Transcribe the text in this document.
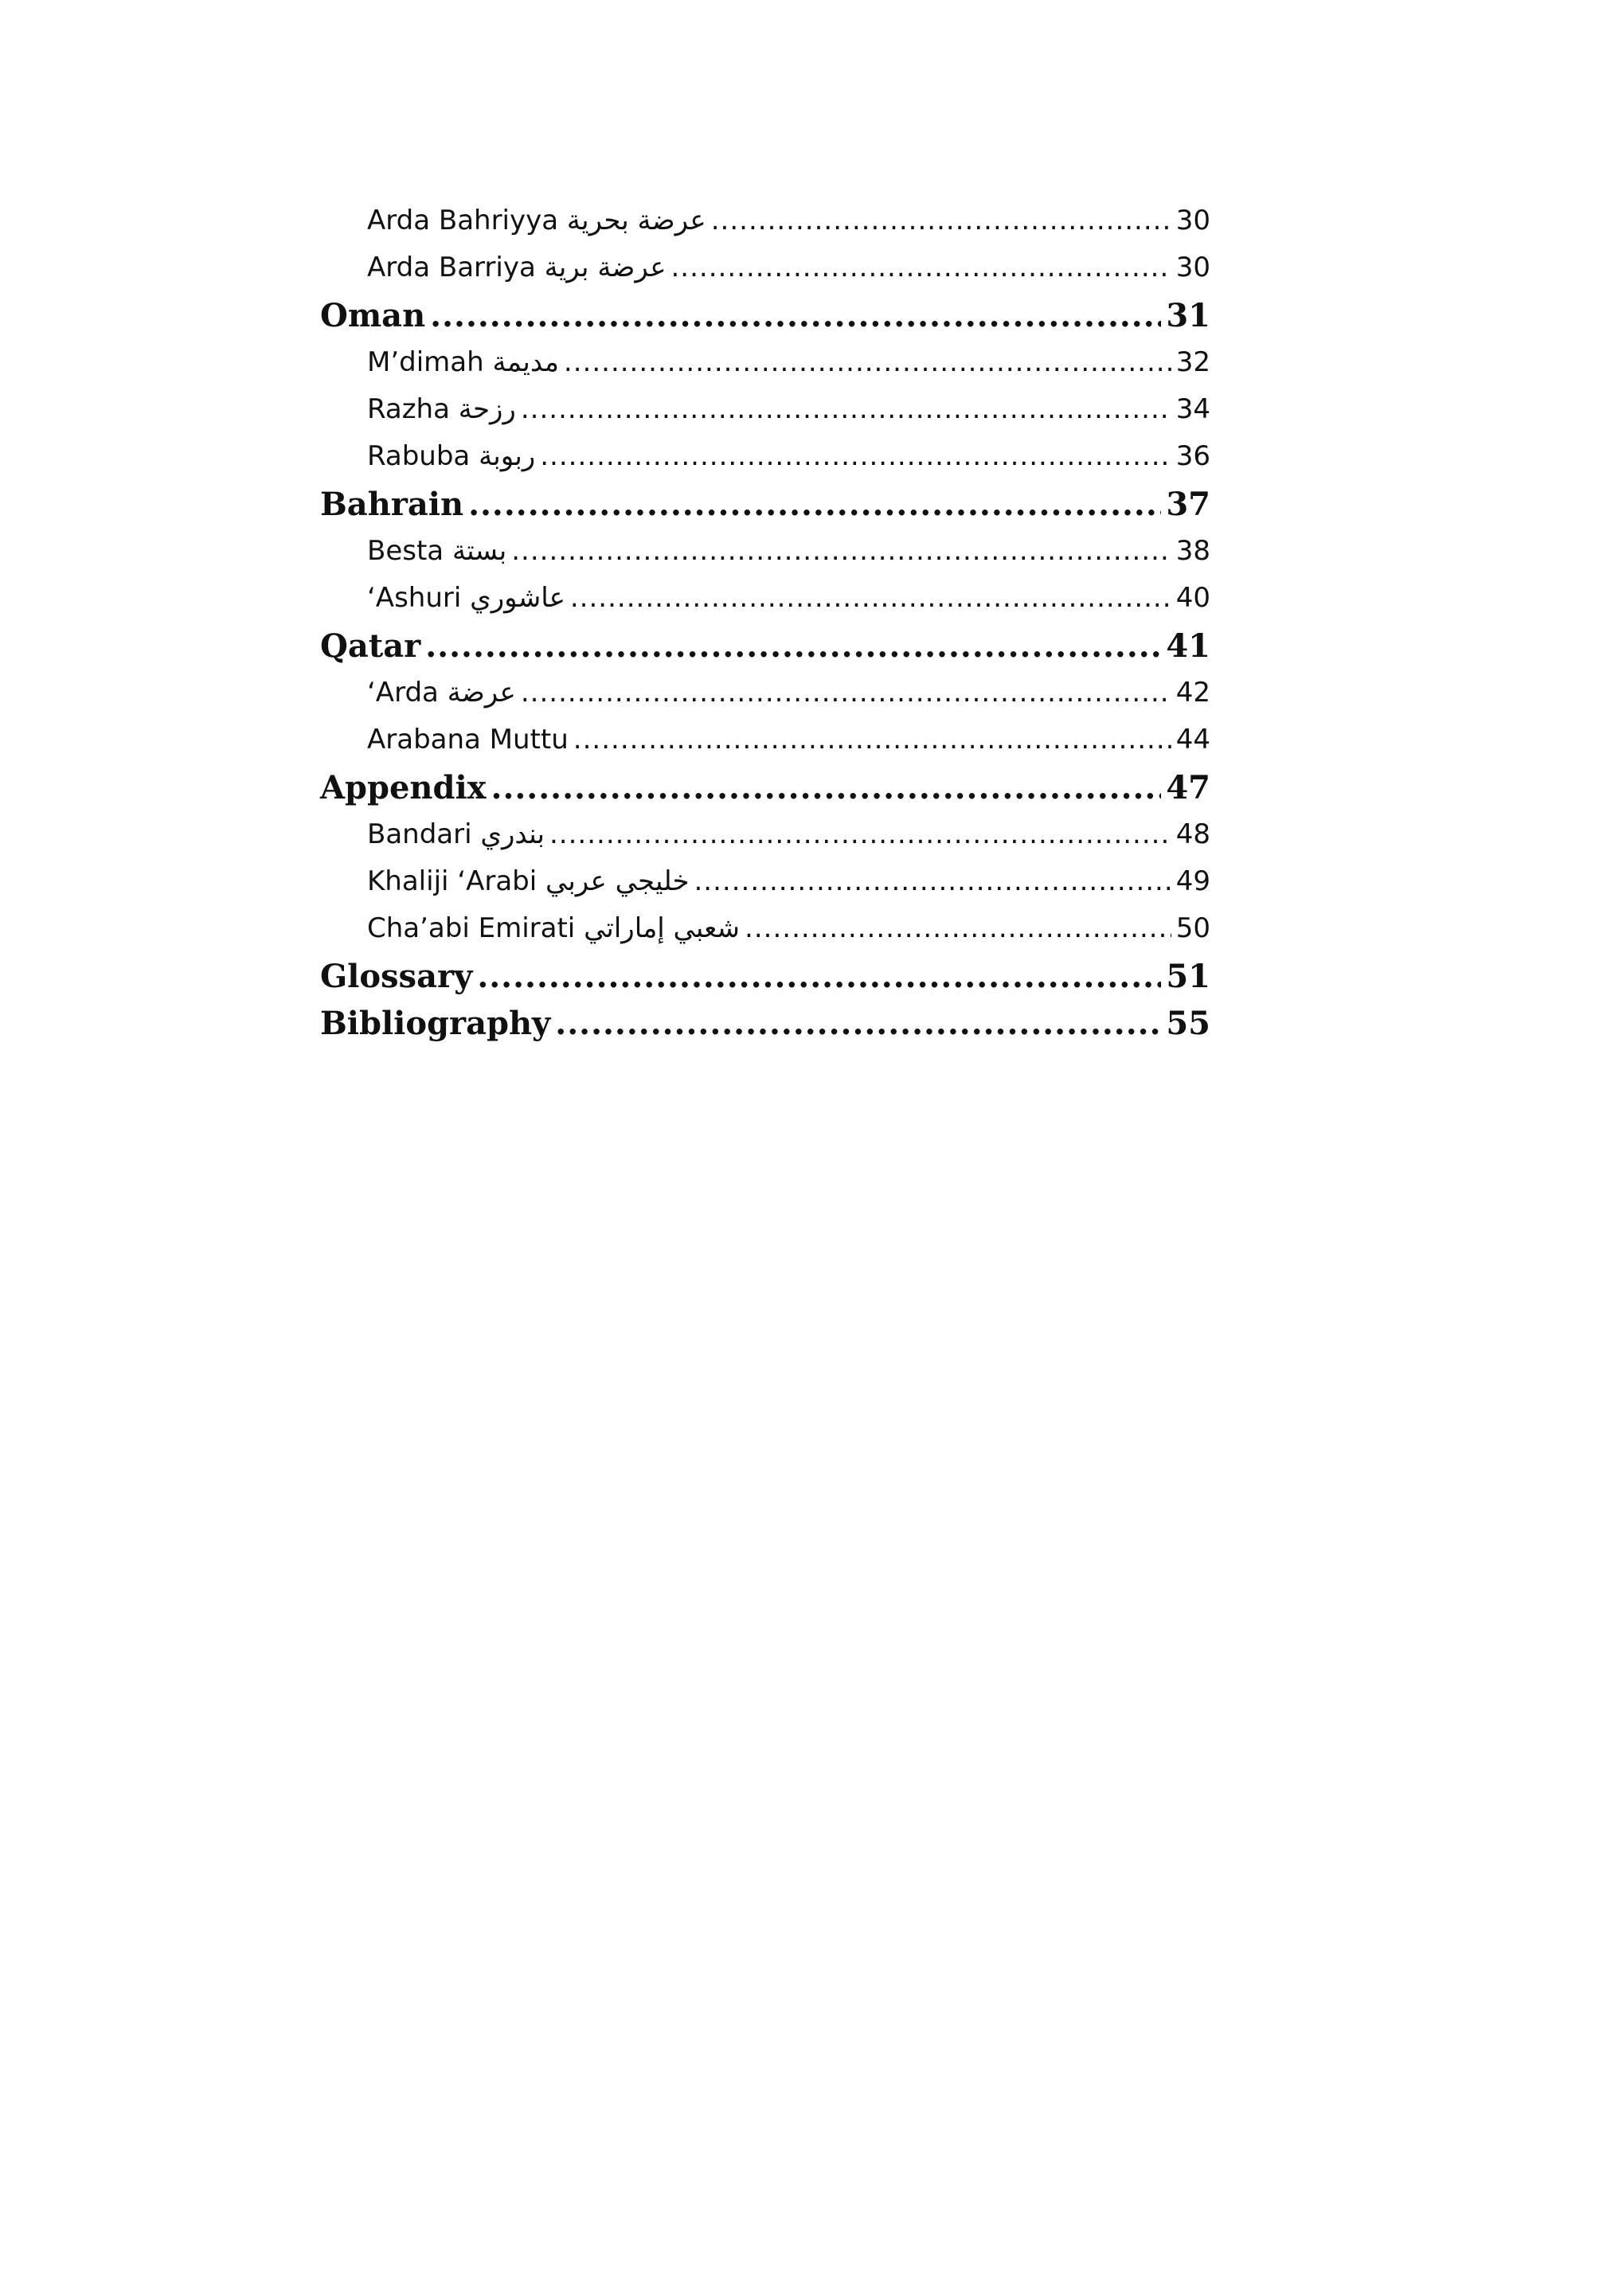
Arda Bahriyya عرضة بحرية .....	30
Arda Barriya عرضة برية .....	30
Oman .....	31
M’dimah مديمة .....	32
Razha رزحة .....	34
Rabuba ربوبة .....	36
Bahrain .....	37
Besta بستة .....	38
‘Ashuri عاشوري .....	40
Qatar .....	41
‘Arda عرضة .....	42
Arabana Muttu .....	44
Appendix .....	47
Bandari بندري .....	48
Khaliji ‘Arabi خليجي عربي .....	49
Cha’abi Emirati شعبي إماراتي .....	50
Glossary .....	51
Bibliography .....	55
